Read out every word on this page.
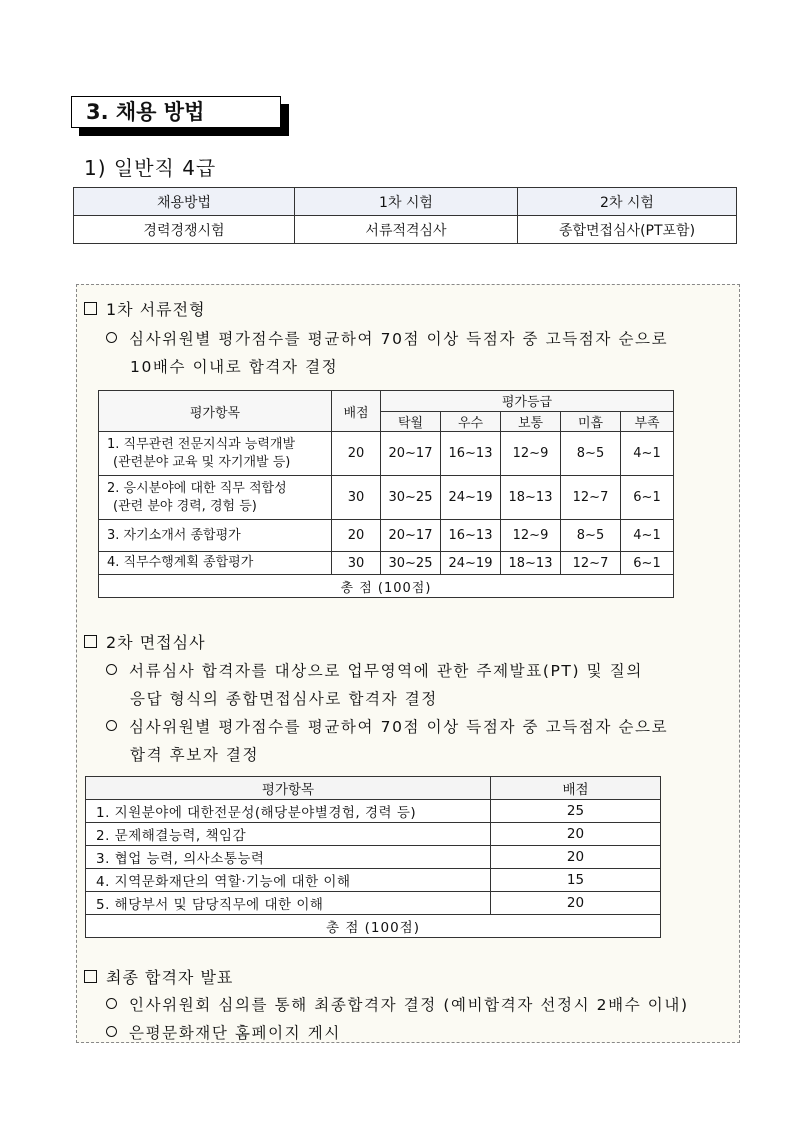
3. 채용 방법
1) 일반직 4급
채용방법	1차 시험	2차 시험
경력경쟁시험	서류적격심사	종합면접심사(PT포함)
1차 서류전형
심사위원별 평가점수를 평균하여 70점 이상 득점자 중 고득점자 순으로
10배수 이내로 합격자 결정
평가항목	배점	평가등급				
		탁월	우수	보통	미흡	부족

1. 직무관련 전문지식과 능력개발
(관련분야 교육 및 자기개발 등)	20	20~17	16~13	12~9	8~5	4~1

2. 응시분야에 대한 직무 적합성
(관련 분야 경력, 경험 등)	30	30~25	24~19	18~13	12~7	6~1
3. 자기소개서 종합평가	20	20~17	16~13	12~9	8~5	4~1
4. 직무수행계획 종합평가	30	30~25	24~19	18~13	12~7	6~1
총 점 (100점)						
2차 면접심사
서류심사 합격자를 대상으로 업무영역에 관한 주제발표(PT) 및 질의
응답 형식의 종합면접심사로 합격자 결정
심사위원별 평가점수를 평균하여 70점 이상 득점자 중 고득점자 순으로
합격 후보자 결정
평가항목	배점
1. 지원분야에 대한전문성(해당분야별경험, 경력 등)	25
2. 문제해결능력, 책임감	20
3. 협업 능력, 의사소통능력	20
4. 지역문화재단의 역할·기능에 대한 이해	15
5. 해당부서 및 담당직무에 대한 이해	20
총 점 (100점)	
최종 합격자 발표
인사위원회 심의를 통해 최종합격자 결정 (예비합격자 선정시 2배수 이내)
은평문화재단 홈페이지 게시
